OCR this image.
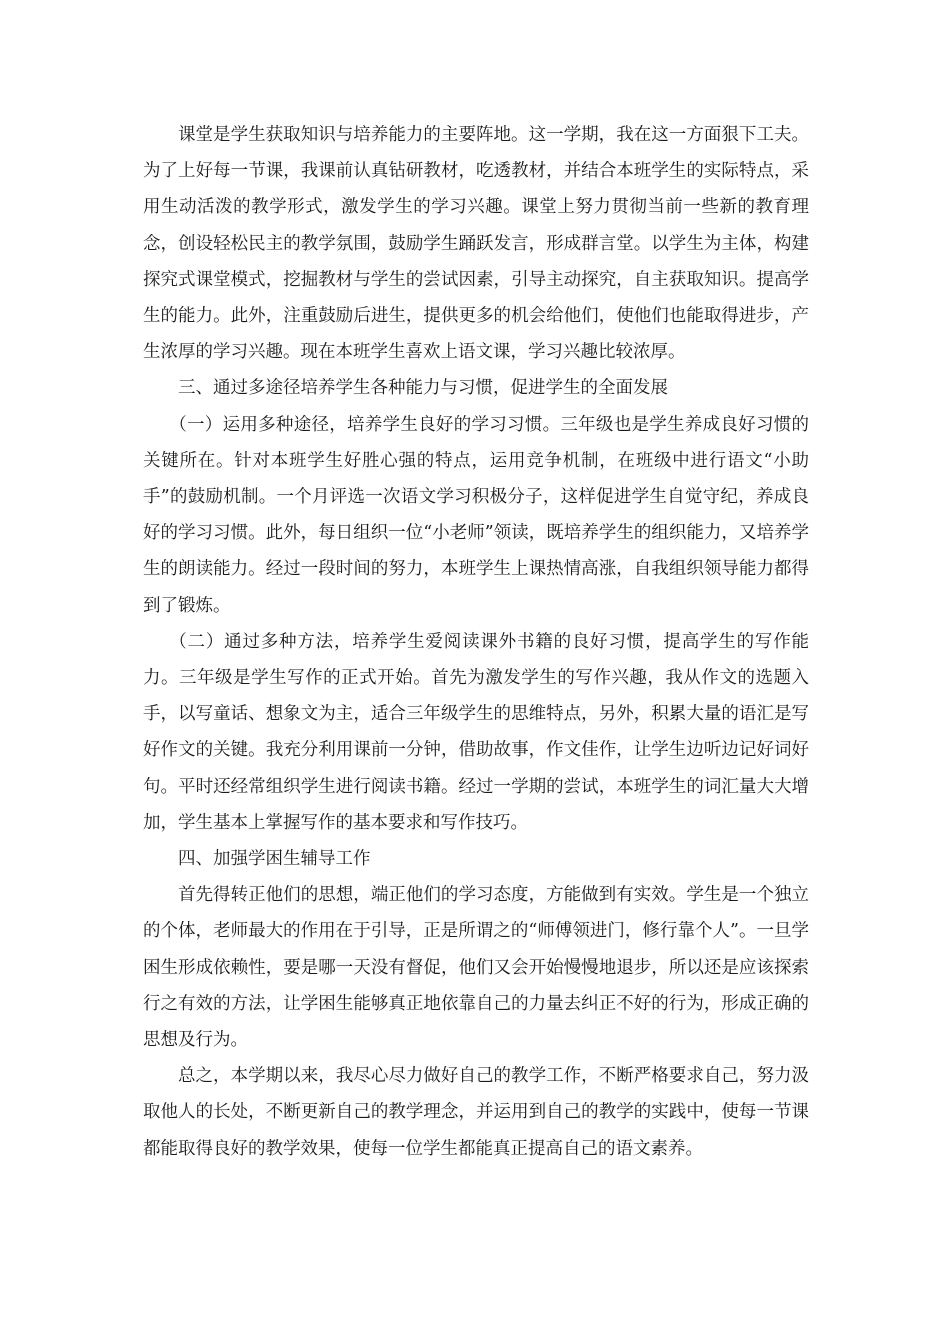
课堂是学生获取知识与培养能力的主要阵地。这一学期，我在这一方面狠下工夫。为了上好每一节课，我课前认真钻研教材，吃透教材，并结合本班学生的实际特点，采用生动活泼的教学形式，激发学生的学习兴趣。课堂上努力贯彻当前一些新的教育理念，创设轻松民主的教学氛围，鼓励学生踊跃发言，形成群言堂。以学生为主体，构建探究式课堂模式，挖掘教材与学生的尝试因素，引导主动探究，自主获取知识。提高学生的能力。此外，注重鼓励后进生，提供更多的机会给他们，使他们也能取得进步，产生浓厚的学习兴趣。现在本班学生喜欢上语文课，学习兴趣比较浓厚。

三、通过多途径培养学生各种能力与习惯，促进学生的全面发展

（一）运用多种途径，培养学生良好的学习习惯。三年级也是学生养成良好习惯的关键所在。针对本班学生好胜心强的特点，运用竞争机制，在班级中进行语文“小助手”的鼓励机制。一个月评选一次语文学习积极分子，这样促进学生自觉守纪，养成良好的学习习惯。此外，每日组织一位“小老师”领读，既培养学生的组织能力，又培养学生的朗读能力。经过一段时间的努力，本班学生上课热情高涨，自我组织领导能力都得到了锻炼。

（二）通过多种方法，培养学生爱阅读课外书籍的良好习惯，提高学生的写作能力。三年级是学生写作的正式开始。首先为激发学生的写作兴趣，我从作文的选题入手，以写童话、想象文为主，适合三年级学生的思维特点，另外，积累大量的语汇是写好作文的关键。我充分利用课前一分钟，借助故事，作文佳作，让学生边听边记好词好句。平时还经常组织学生进行阅读书籍。经过一学期的尝试，本班学生的词汇量大大增加，学生基本上掌握写作的基本要求和写作技巧。

四、加强学困生辅导工作

首先得转正他们的思想，端正他们的学习态度，方能做到有实效。学生是一个独立的个体，老师最大的作用在于引导，正是所谓之的“师傅领进门，修行靠个人”。一旦学困生形成依赖性，要是哪一天没有督促，他们又会开始慢慢地退步，所以还是应该探索行之有效的方法，让学困生能够真正地依靠自己的力量去纠正不好的行为，形成正确的思想及行为。

总之，本学期以来，我尽心尽力做好自己的教学工作，不断严格要求自己，努力汲取他人的长处，不断更新自己的教学理念，并运用到自己的教学的实践中，使每一节课都能取得良好的教学效果，使每一位学生都能真正提高自己的语文素养。
